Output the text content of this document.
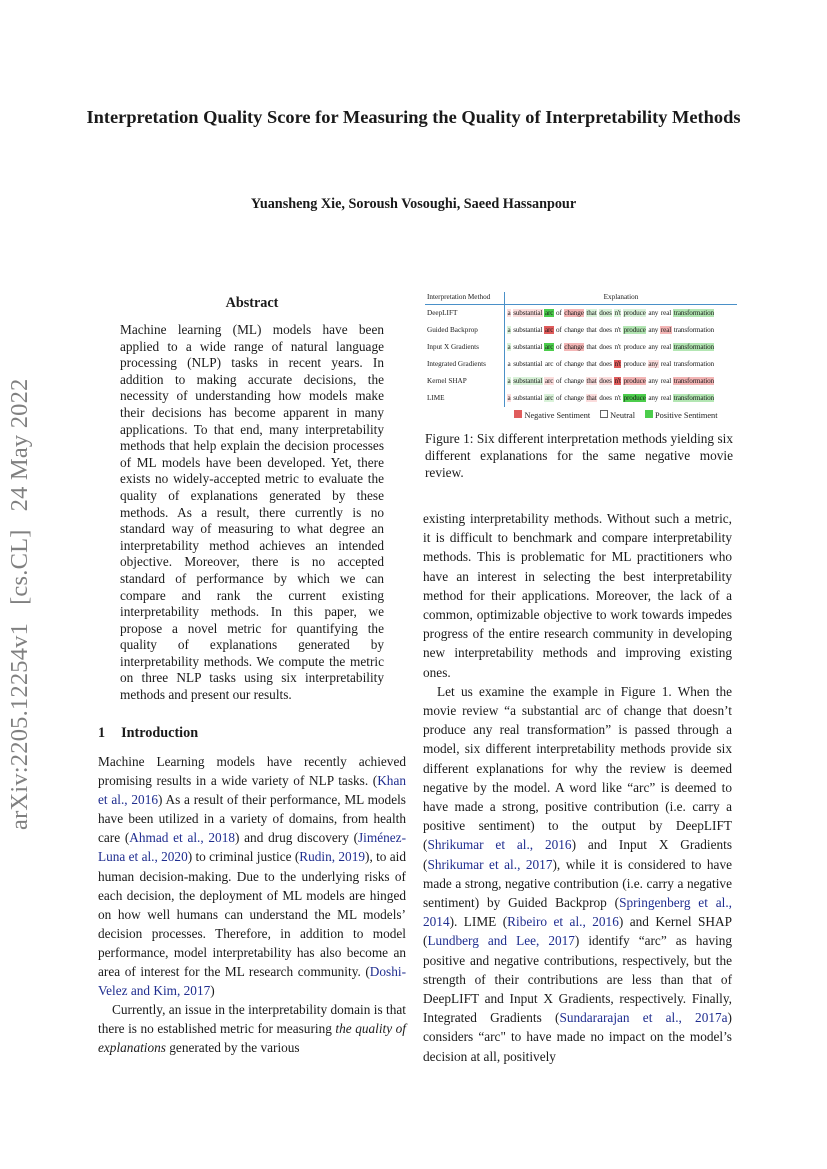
arXiv:2205.12254v1[cs.CL]24 May 2022
Interpretation Quality Score for Measuring the Quality of Interpretability Methods
Yuansheng Xie, Soroush Vosoughi, Saeed Hassanpour
Abstract
Machine learning (ML) models have been applied to a wide range of natural language processing (NLP) tasks in recent years. In addition to making accurate decisions, the necessity of understanding how models make their decisions has become apparent in many applications. To that end, many interpretability methods that help explain the decision processes of ML models have been developed. Yet, there exists no widely-accepted metric to evaluate the quality of explanations generated by these methods. As a result, there currently is no standard way of measuring to what degree an interpretability method achieves an intended objective. Moreover, there is no accepted standard of performance by which we can compare and rank the current existing interpretability methods. In this paper, we propose a novel metric for quantifying the quality of explanations generated by interpretability methods. We compute the metric on three NLP tasks using six interpretability methods and present our results.
1 Introduction

Machine Learning models have recently achieved promising results in a wide variety of NLP tasks. (Khan et al., 2016) As a result of their performance, ML models have been utilized in a variety of domains, from health care (Ahmad et al., 2018) and drug discovery (Jiménez-Luna et al., 2020) to criminal justice (Rudin, 2019), to aid human decision-making. Due to the underlying risks of each decision, the deployment of ML models are hinged on how well humans can understand the ML models’ decision processes. Therefore, in addition to model performance, model interpretability has also become an area of interest for the ML research community. (Doshi-Velez and Kim, 2017)

Currently, an issue in the interpretability domain is that there is no established metric for measuring the quality of explanations generated by the various

Interpretation Method	Explanation
DeepLIFT	a substantial arc of change that does n't produce any real transformation
Guided Backprop	a substantial arc of change that does n't produce any real transformation
Input X Gradients	a substantial arc of change that does n't produce any real transformation
Integrated Gradients	a substantial arc of change that does n't produce any real transformation
Kernel SHAP	a substantial arc of change that does n't produce any real transformation
LIME	a substantial arc of change that does n't produce any real transformation
Negative Sentiment Neutral Positive Sentiment
Figure 1: Six different interpretation methods yielding six different explanations for the same negative movie review.

existing interpretability methods. Without such a metric, it is difficult to benchmark and compare interpretability methods. This is problematic for ML practitioners who have an interest in selecting the best interpretability method for their applications. Moreover, the lack of a common, optimizable objective to work towards impedes progress of the entire research community in developing new interpretability methods and improving existing ones.

Let us examine the example in Figure 1. When the movie review “a substantial arc of change that doesn’t produce any real transformation” is passed through a model, six different interpretability methods provide six different explanations for why the review is deemed negative by the model. A word like “arc” is deemed to have made a strong, positive contribution (i.e. carry a positive sentiment) to the output by DeepLIFT (Shrikumar et al., 2016) and Input X Gradients (Shrikumar et al., 2017), while it is considered to have made a strong, negative contribution (i.e. carry a negative sentiment) by Guided Backprop (Springenberg et al., 2014). LIME (Ribeiro et al., 2016) and Kernel SHAP (Lundberg and Lee, 2017) identify “arc” as having positive and negative contributions, respectively, but the strength of their contributions are less than that of DeepLIFT and Input X Gradients, respectively. Finally, Integrated Gradients (Sundararajan et al., 2017a) considers “arc" to have made no impact on the model’s decision at all, positively
